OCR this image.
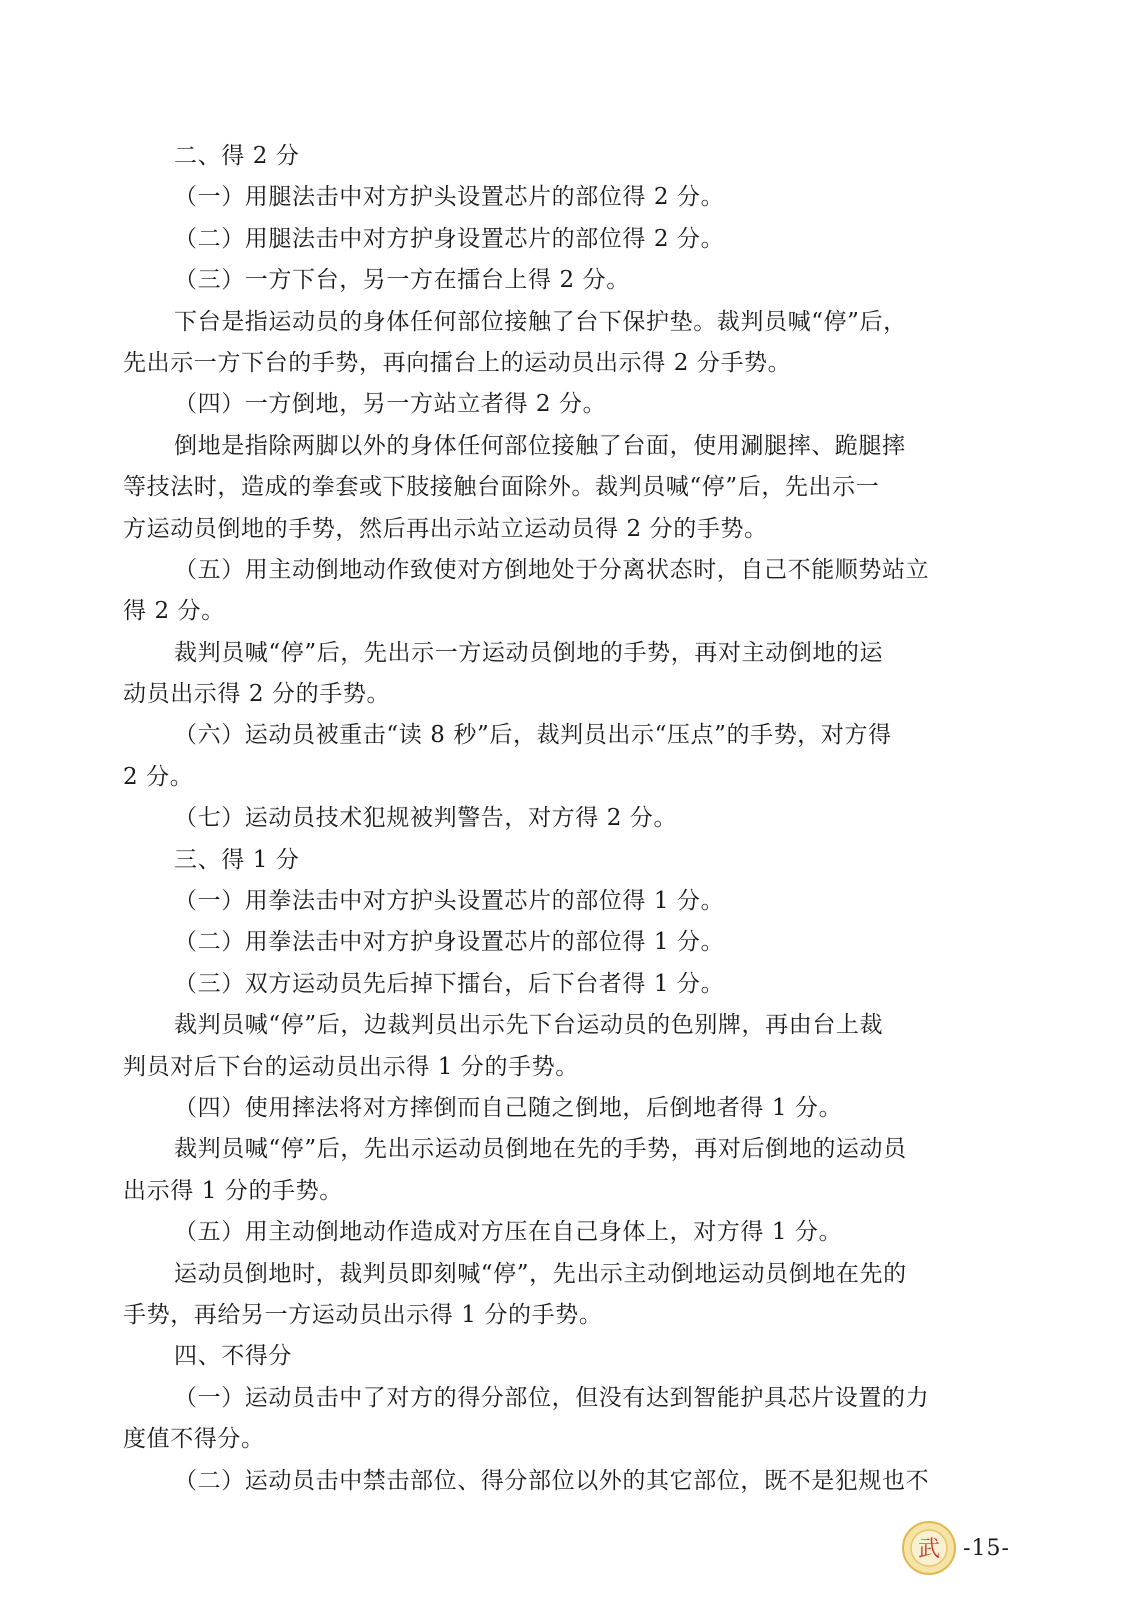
二、得 2 分
（一）用腿法击中对方护头设置芯片的部位得 2 分。
（二）用腿法击中对方护身设置芯片的部位得 2 分。
（三）一方下台，另一方在擂台上得 2 分。
下台是指运动员的身体任何部位接触了台下保护垫。裁判员喊“停”后，
先出示一方下台的手势，再向擂台上的运动员出示得 2 分手势。
（四）一方倒地，另一方站立者得 2 分。
倒地是指除两脚以外的身体任何部位接触了台面，使用涮腿摔、跪腿摔
等技法时，造成的拳套或下肢接触台面除外。裁判员喊“停”后，先出示一
方运动员倒地的手势，然后再出示站立运动员得 2 分的手势。
（五）用主动倒地动作致使对方倒地处于分离状态时，自己不能顺势站立
得 2 分。
裁判员喊“停”后，先出示一方运动员倒地的手势，再对主动倒地的运
动员出示得 2 分的手势。
（六）运动员被重击“读 8 秒”后，裁判员出示“压点”的手势，对方得
2 分。
（七）运动员技术犯规被判警告，对方得 2 分。
三、得 1 分
（一）用拳法击中对方护头设置芯片的部位得 1 分。
（二）用拳法击中对方护身设置芯片的部位得 1 分。
（三）双方运动员先后掉下擂台，后下台者得 1 分。
裁判员喊“停”后，边裁判员出示先下台运动员的色别牌，再由台上裁
判员对后下台的运动员出示得 1 分的手势。
（四）使用摔法将对方摔倒而自己随之倒地，后倒地者得 1 分。
裁判员喊“停”后，先出示运动员倒地在先的手势，再对后倒地的运动员
出示得 1 分的手势。
（五）用主动倒地动作造成对方压在自己身体上，对方得 1 分。
运动员倒地时，裁判员即刻喊“停”，先出示主动倒地运动员倒地在先的
手势，再给另一方运动员出示得 1 分的手势。
四、不得分
（一）运动员击中了对方的得分部位，但没有达到智能护具芯片设置的力
度值不得分。
（二）运动员击中禁击部位、得分部位以外的其它部位，既不是犯规也不
武 -15-
